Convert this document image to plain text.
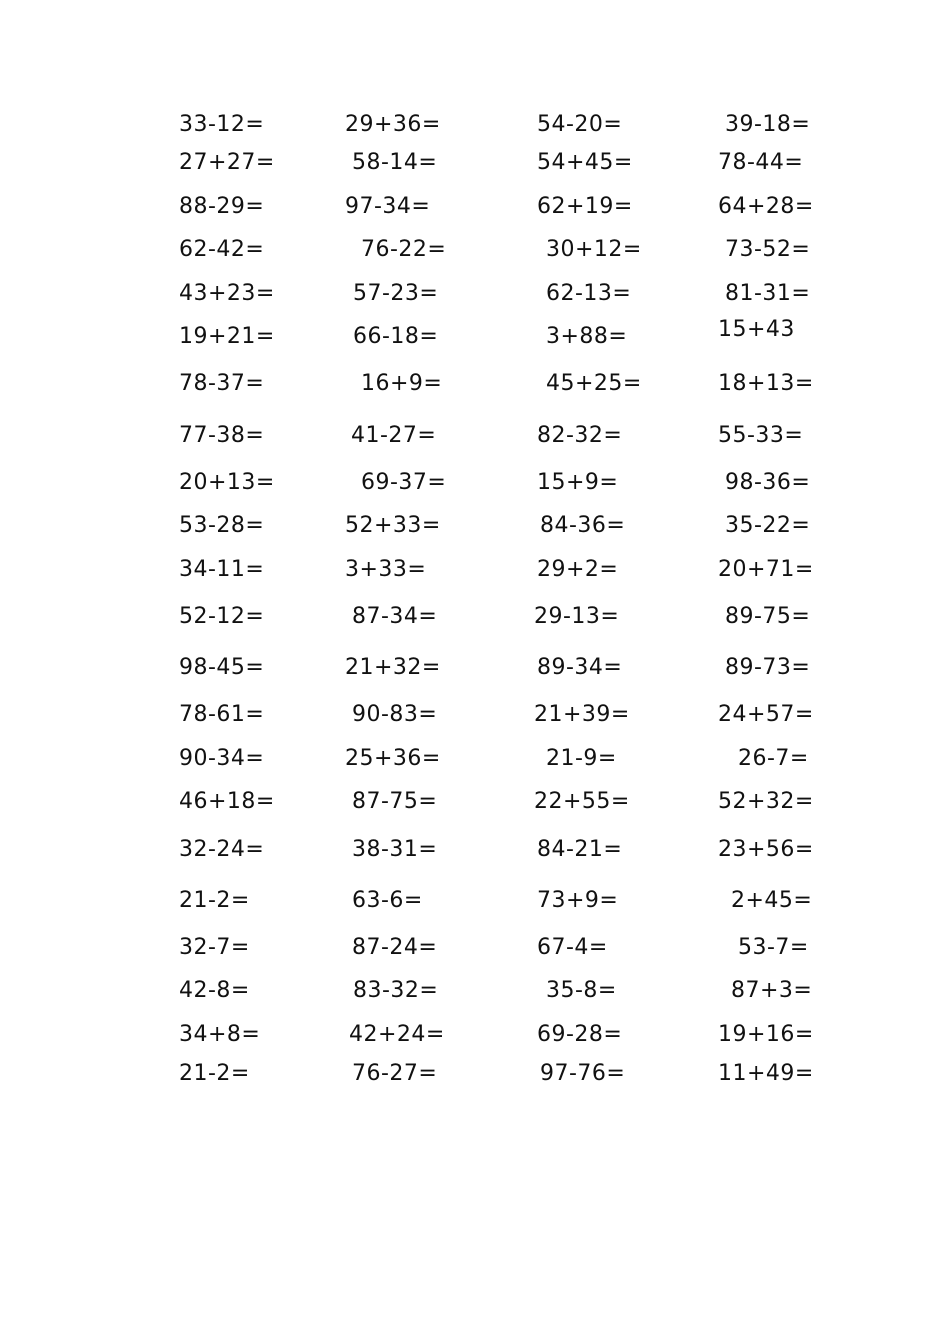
33-12=	29+36=	54-20=	39-18=
27+27=	58-14=	54+45=	78-44=
88-29=	97-34=	62+19=	64+28=
62-42=	76-22=	30+12=	73-52=
43+23=	57-23=	62-13=	81-31=
19+21=	66-18=	3+88=	15+43
78-37=	16+9=	45+25=	18+13=
77-38=	41-27=	82-32=	55-33=
20+13=	69-37=	15+9=	98-36=
53-28=	52+33=	84-36=	35-22=
34-11=	3+33=	29+2=	20+71=
52-12=	87-34=	29-13=	89-75=
98-45=	21+32=	89-34=	89-73=
78-61=	90-83=	21+39=	24+57=
90-34=	25+36=	21-9=	26-7=
46+18=	87-75=	22+55=	52+32=
32-24=	38-31=	84-21=	23+56=
21-2=	63-6=	73+9=	2+45=
32-7=	87-24=	67-4=	53-7=
42-8=	83-32=	35-8=	87+3=
34+8=	42+24=	69-28=	19+16=
21-2=	76-27=	97-76=	11+49=
